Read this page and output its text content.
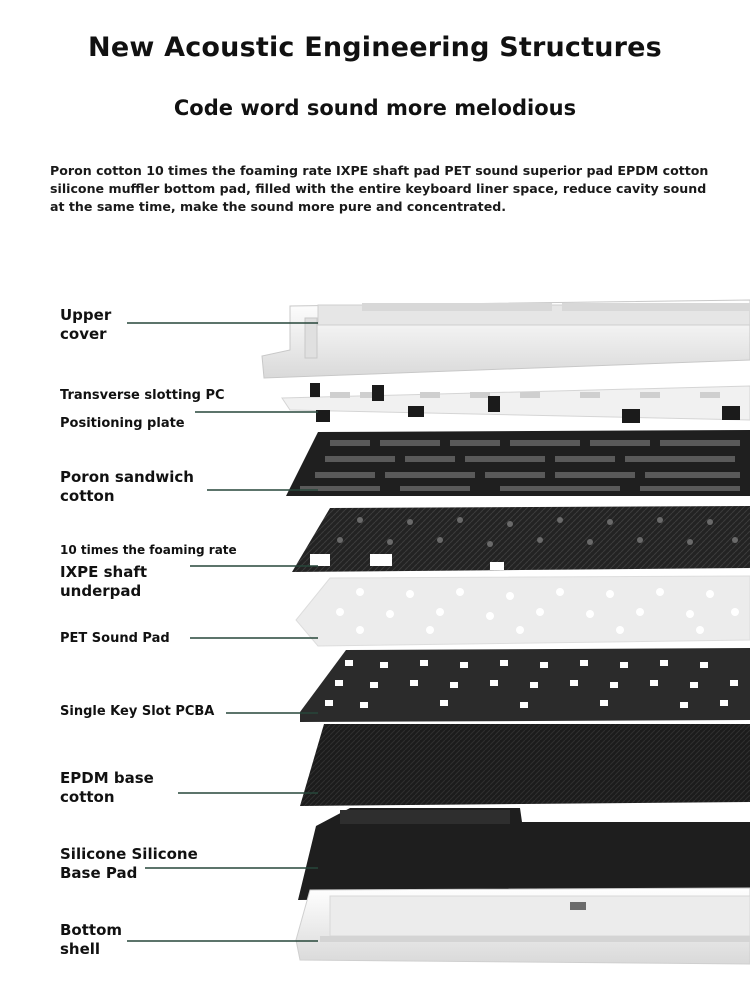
New Acoustic Engineering Structures
Code word sound more melodious
Poron cotton 10 times the foaming rate IXPE shaft pad PET sound superior pad EPDM cotton silicone muffler bottom pad, filled with the entire keyboard liner space, reduce cavity sound at the same time, make the sound more pure and concentrated.
Upper
cover
Transverse slotting PC
Positioning plate
Poron sandwich
cotton
10 times the foaming rate
IXPE shaft
underpad
PET Sound Pad
Single Key Slot PCBA
EPDM base
cotton
Silicone Silicone
Base Pad
Bottom
shell
